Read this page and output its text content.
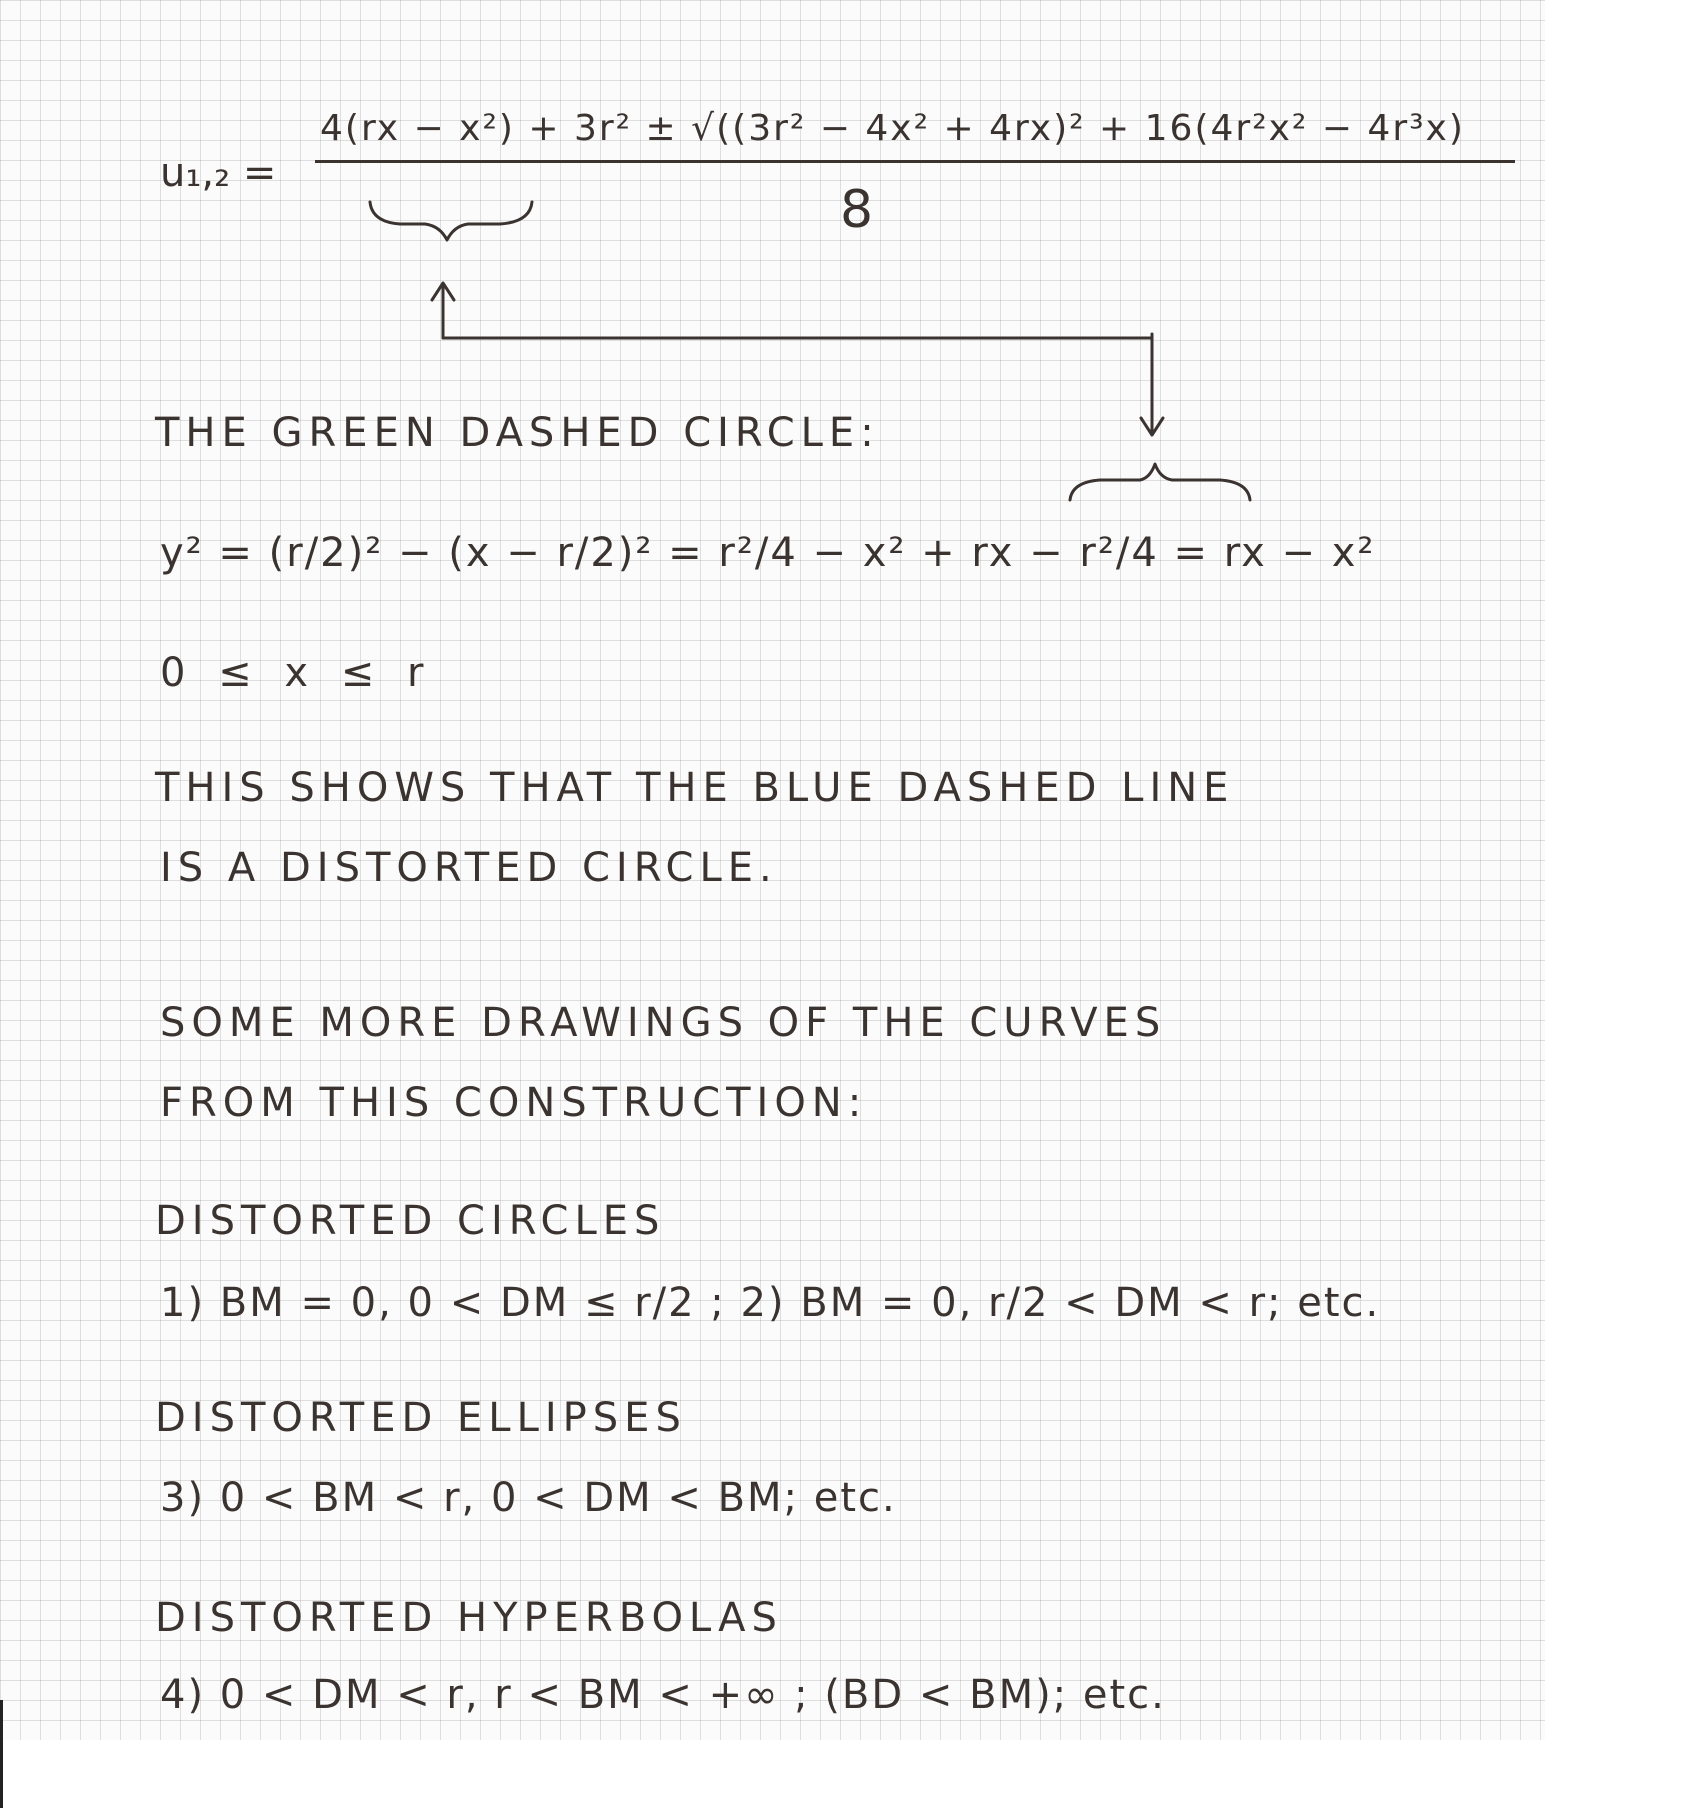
u₁,₂ =
4(rx − x²) + 3r² ± √((3r² − 4x² + 4rx)² + 16(4r²x² − 4r³x)
8
THE GREEN DASHED CIRCLE:
y² = (r/2)² − (x − r/2)² = r²/4 − x² + rx − r²/4 = rx − x²
0 ≤ x ≤ r
THIS SHOWS THAT THE BLUE DASHED LINE
IS A DISTORTED CIRCLE.
SOME MORE DRAWINGS OF THE CURVES
FROM THIS CONSTRUCTION:
DISTORTED CIRCLES
1) BM = 0, 0 < DM ≤ r/2 ; 2) BM = 0, r/2 < DM < r; etc.
DISTORTED ELLIPSES
3) 0 < BM < r, 0 < DM < BM; etc.
DISTORTED HYPERBOLAS
4) 0 < DM < r, r < BM < +∞ ; (BD < BM); etc.
